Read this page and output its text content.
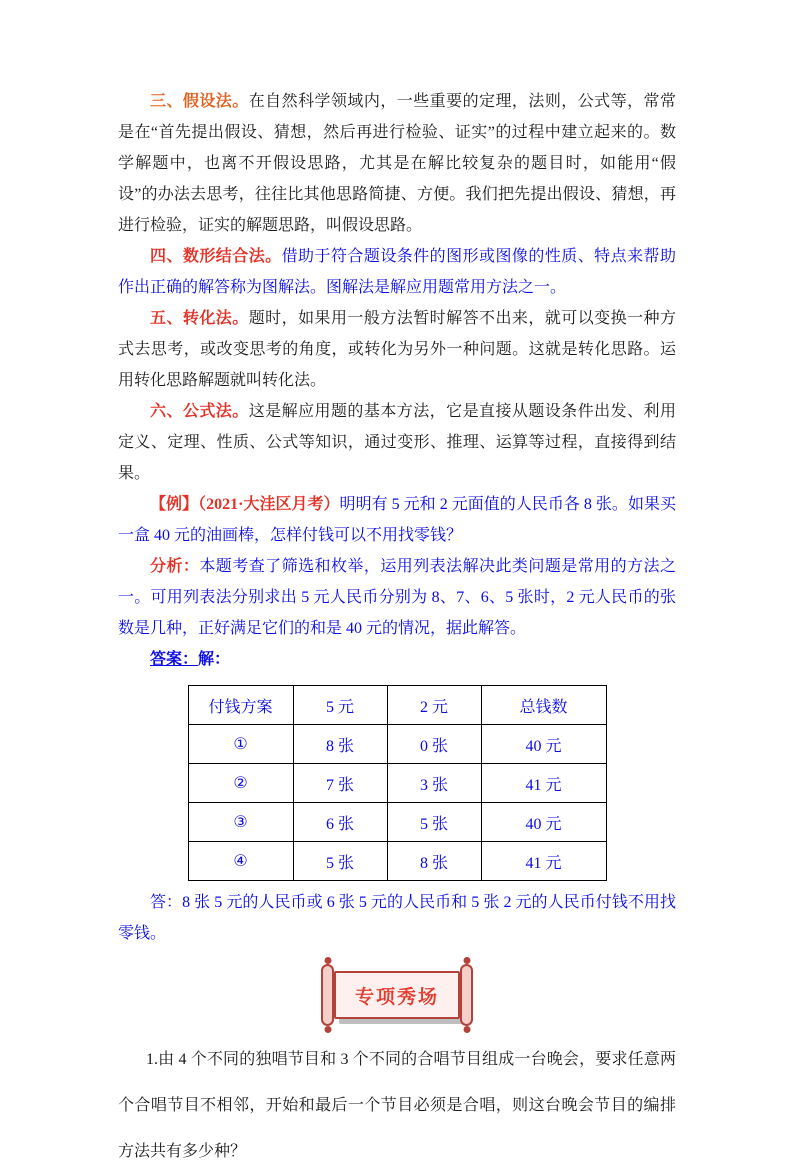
三、假设法。在自然科学领域内，一些重要的定理，法则，公式等，常常是在“首先提出假设、猜想，然后再进行检验、证实”的过程中建立起来的。数学解题中，也离不开假设思路，尤其是在解比较复杂的题目时，如能用“假设”的办法去思考，往往比其他思路简捷、方便。我们把先提出假设、猜想，再进行检验，证实的解题思路，叫假设思路。

四、数形结合法。借助于符合题设条件的图形或图像的性质、特点来帮助作出正确的解答称为图解法。图解法是解应用题常用方法之一。

五、转化法。题时，如果用一般方法暂时解答不出来，就可以变换一种方式去思考，或改变思考的角度，或转化为另外一种问题。这就是转化思路。运用转化思路解题就叫转化法。

六、公式法。这是解应用题的基本方法，它是直接从题设条件出发、利用定义、定理、性质、公式等知识，通过变形、推理、运算等过程，直接得到结果。

【例】（2021·大洼区月考）明明有 5 元和 2 元面值的人民币各 8 张。如果买一盒 40 元的油画棒，怎样付钱可以不用找零钱？

分析：本题考查了筛选和枚举，运用列表法解决此类问题是常用的方法之一。可用列表法分别求出 5 元人民币分别为 8、7、6、5 张时，2 元人民币的张数是几种，正好满足它们的和是 40 元的情况，据此解答。

答案：解：

付钱方案	5 元	2 元	总钱数
①	8 张	0 张	40 元
②	7 张	3 张	41 元
③	6 张	5 张	40 元
④	5 张	8 张	41 元

答：8 张 5 元的人民币或 6 张 5 元的人民币和 5 张 2 元的人民币付钱不用找零钱。

专项秀场

1.由 4 个不同的独唱节目和 3 个不同的合唱节目组成一台晚会，要求任意两个合唱节目不相邻，开始和最后一个节目必须是合唱，则这台晚会节目的编排方法共有多少种？
